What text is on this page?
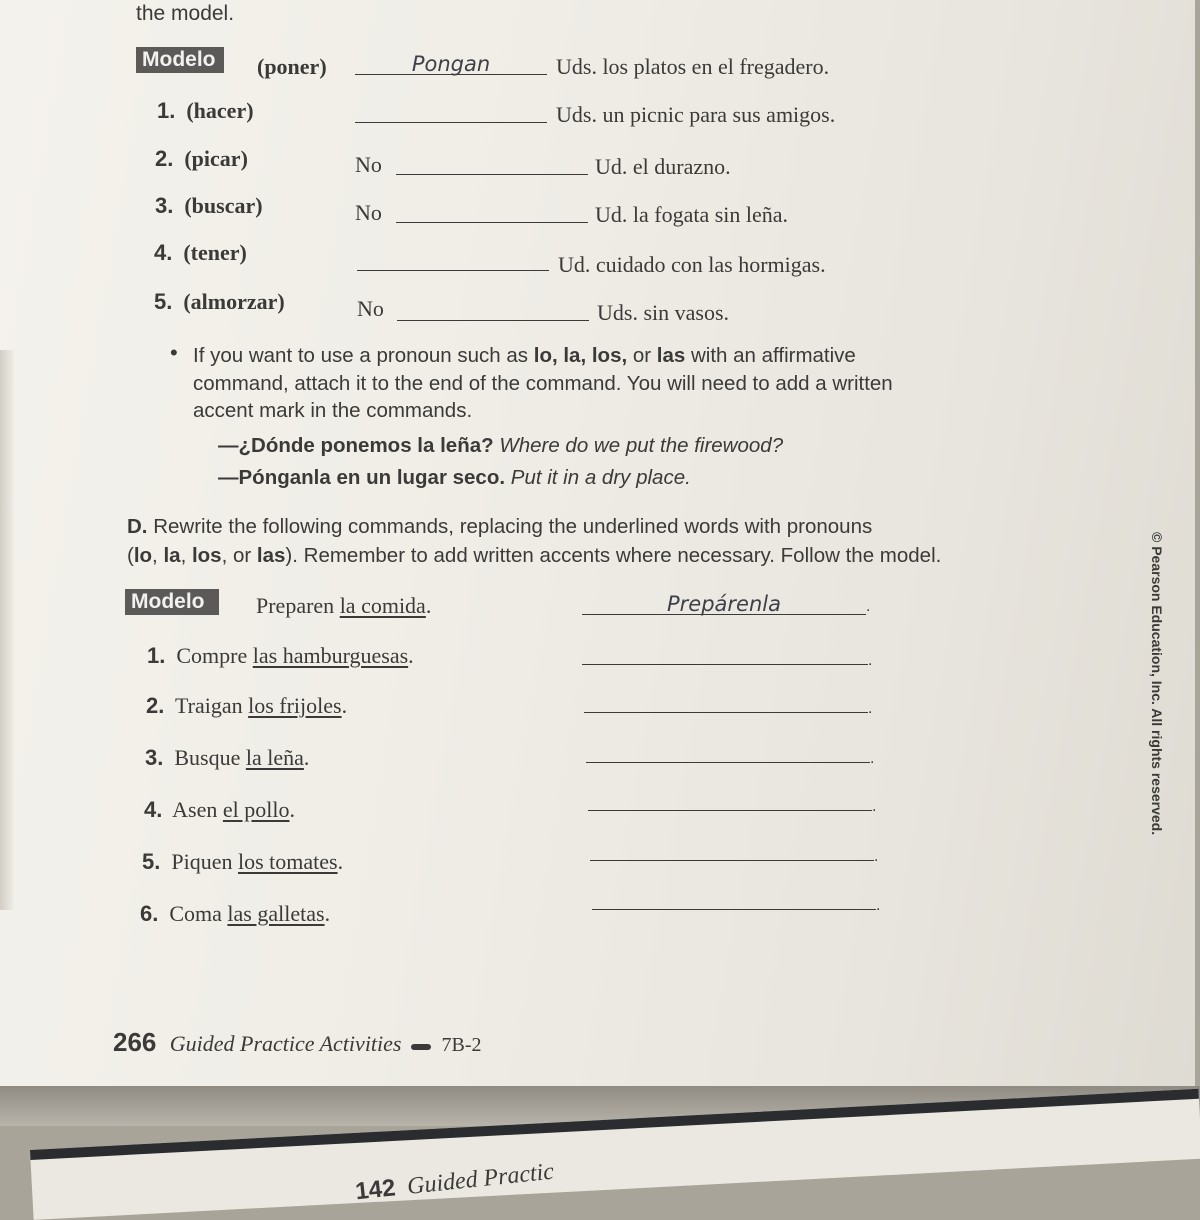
the model.
Modelo	(poner)	Pongan	Uds. los platos en el fregadero.
1. (hacer)	Uds. un picnic para sus amigos.
2. (picar)	No	Ud. el durazno.
3. (buscar)	No	Ud. la fogata sin leña.
4. (tener)	Ud. cuidado con las hormigas.
5. (almorzar)	No	Uds. sin vasos.
• If you want to use a pronoun such as lo, la, los, or las with an affirmative
command, attach it to the end of the command. You will need to add a written
accent mark in the commands.
—¿Dónde ponemos la leña? Where do we put the firewood?
—Pónganla en un lugar seco. Put it in a dry place.
D. Rewrite the following commands, replacing the underlined words with pronouns
(lo, la, los, or las). Remember to add written accents where necessary. Follow the model.
Modelo	Preparen la comida.	Prepárenla	.
1. Compre las hamburguesas.	.
2. Traigan los frijoles.	.
3. Busque la leña.	.
4. Asen el pollo.	.
5. Piquen los tomates.	.
6. Coma las galletas.	.
© Pearson Education, Inc. All rights reserved.
266 Guided Practice Activities 7B-2
142 Guided Practic
